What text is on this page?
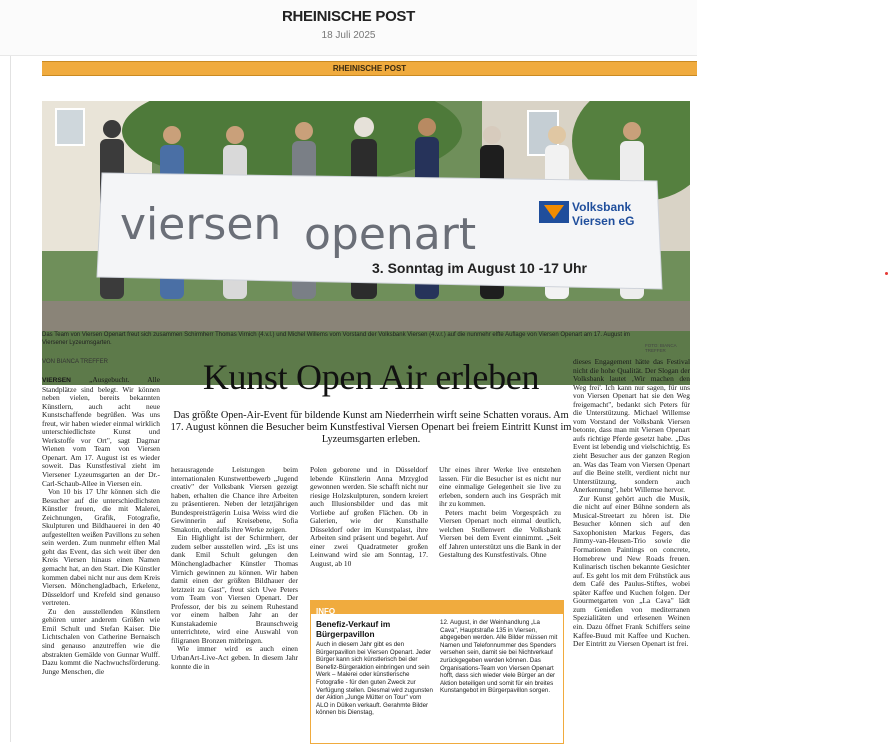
RHEINISCHE POST
18 Juli 2025
RHEINISCHE POST
viersen openart
Volksbank
Viersen eG
3. Sonntag im August 10 -17 Uhr
Das Team von Viersen Openart freut sich zusammen Schirmherr Thomas Virnich (4.v.l.) und Michel Willems vom Vorstand der Volksbank Viersen (4.v.r.) auf die nunmehr elfte Auflage von Viersen Openart am 17. August im Viersener Lyzeumsgarten.	FOTO: BIANCA TREFFER
VON BIANCA TREFFER	Kunst Open Air erleben
Das größte Open-Air-Event für bildende Kunst am Niederrhein wirft seine Schatten voraus. Am 17. August können die Besucher beim Kunstfestival Viersen Openart bei freiem Eintritt Kunst im Lyzeumsgarten erleben.

VIERSEN „Ausgebucht. Alle Standplätze sind belegt. Wir können neben vielen, bereits bekannten Künstlern, auch acht neue Kunstschaffende begrüßen. Was uns freut, wir haben wieder einmal wirklich unterschiedlichste Kunst und Werkstoffe vor Ort", sagt Dagmar Wienen vom Team von Viersen Openart. Am 17. August ist es wieder soweit. Das Kunstfestival zieht im Viersener Lyzeumsgarten an der Dr.-Carl-Schaub-Allee in Viersen ein.

Von 10 bis 17 Uhr können sich die Besucher auf die unterschiedlichsten Künstler freuen, die mit Malerei, Zeichnungen, Grafik, Fotografie, Skulpturen und Bildhauerei in den 40 aufgestellten weißen Pavillons zu sehen sein werden. Zum nunmehr elften Mal geht das Event, das sich weit über den Kreis Viersen hinaus einen Namen gemacht hat, an den Start. Die Künstler kommen dabei nicht nur aus dem Kreis Viersen. Mönchengladbach, Erkelenz, Düsseldorf und Krefeld sind genauso vertreten.

Zu den ausstellenden Künstlern gehören unter anderem Größen wie Emil Schult und Stefan Kaiser. Die Lichtschalen von Catherine Bernaisch sind genauso anzutreffen wie die abstrakten Gemälde von Gunnar Wulff. Dazu kommt die Nachwuchsförderung. Junge Menschen, die

herausragende Leistungen beim internationalen Kunstwettbewerb „Jugend creativ" der Volksbank Viersen gezeigt haben, erhalten die Chance ihre Arbeiten zu präsentieren. Neben der letztjährigen Bundespreisträgerin Luisa Weiss wird die Gewinnerin auf Kreisebene, Sofia Smakotin, ebenfalls ihre Werke zeigen.

Ein Highlight ist der Schirmherr, der zudem selber ausstellen wird. „Es ist uns dank Emil Schult gelungen den Mönchengladbacher Künstler Thomas Virnich gewinnen zu können. Wir haben damit einen der größten Bildhauer der letztzeit zu Gast", freut sich Uwe Peters vom Team von Viersen Openart. Der Professor, der bis zu seinem Ruhestand vor einem halben Jahr an der Kunstakademie Braunschweig unterrichtete, wird eine Auswahl von filigranen Bronzen mitbringen.

Wie immer wird es auch einen UrbanArt-Live-Act geben. In diesem Jahr konnte die in

Polen geborene und in Düsseldorf lebende Künstlerin Anna Mrzyglod gewonnen werden. Sie schafft nicht nur riesige Holzskulpturen, sondern kreiert auch Illusionsbilder und das mit Vorliebe auf großen Flächen. Ob in Galerien, wie der Kunsthalle Düsseldorf oder im Kunstpalast, ihre Arbeiten sind präsent und begehrt. Auf einer zwei Quadratmeter großen Leinwand wird sie am Sonntag, 17. August, ab 10

Uhr eines ihrer Werke live entstehen lassen. Für die Besucher ist es nicht nur eine einmalige Gelegenheit sie live zu erleben, sondern auch ins Gespräch mit ihr zu kommen.

Peters macht beim Vorgespräch zu Viersen Openart noch einmal deutlich, welchen Stellenwert die Volksbank Viersen bei dem Event einnimmt. „Seit elf Jahren unterstützt uns die Bank in der Gestaltung des Kunstfestivals. Ohne

dieses Engagement hätte das Festival nicht die hohe Qualität. Der Slogan der Volksbank lautet ‚Wir machen den Weg frei'. Ich kann nur sagen, für uns von Viersen Openart hat sie den Weg freigemacht", bedankt sich Peters für die Unterstützung. Michael Willemse vom Vorstand der Volksbank Viersen betonte, dass man mit Viersen Openart aufs richtige Pferde gesetzt habe. „Das Event ist lebendig und vielschichtig. Es zieht Besucher aus der ganzen Region an. Was das Team von Viersen Openart auf die Beine stellt, verdient nicht nur Unterstützung, sondern auch Anerkennung", hebt Willemse hervor.

Zur Kunst gehört auch die Musik, die nicht auf einer Bühne sondern als Musical-Streetart zu hören ist. Die Besucher können sich auf den Saxophonisten Markus Fegers, das Jimmy-van-Heusen-Trio sowie die Formationen Paintings on concrete, Homebrew und New Roads freuen. Kulinarisch tischen bekannte Gesichter auf. Es geht los mit dem Frühstück aus dem Café des Paulus-Stiftes, wobei später Kaffee und Kuchen folgen. Der Gourmetgarten von „La Cava" lädt zum Genießen von mediterranen Spezialitäten und erlesenen Weinen ein. Dazu öffnet Frank Schiffers seine Kaffee-Buud mit Kaffee und Kuchen. Der Eintritt zu Viersen Openart ist frei.

INFO
Benefiz-Verkauf im Bürgerpavillon
Auch in diesem Jahr gibt es den Bürgerpavillon bei Viersen Openart. Jeder Bürger kann sich künstlerisch bei der Benefiz-Bürgeraktion einbringen und sein Werk – Malerei oder künstlerische Fotografie - für den guten Zweck zur Verfügung stellen. Diesmal wird zugunsten der Aktion „Junge Mütter on Tour" vom ALO in Dülken verkauft. Gerahmte Bilder können bis Dienstag,
12. August, in der Weinhandlung „La Cava", Hauptstraße 135 in Viersen, abgegeben werden. Alle Bilder müssen mit Namen und Telefonnummer des Spenders versehen sein, damit sie bei Nichtverkauf zurückgegeben werden können. Das Organisations-Team von Viersen Openart hofft, dass sich wieder viele Bürger an der Aktion beteiligen und somit für ein breites Kunstangebot im Bürgerpavillon sorgen.
